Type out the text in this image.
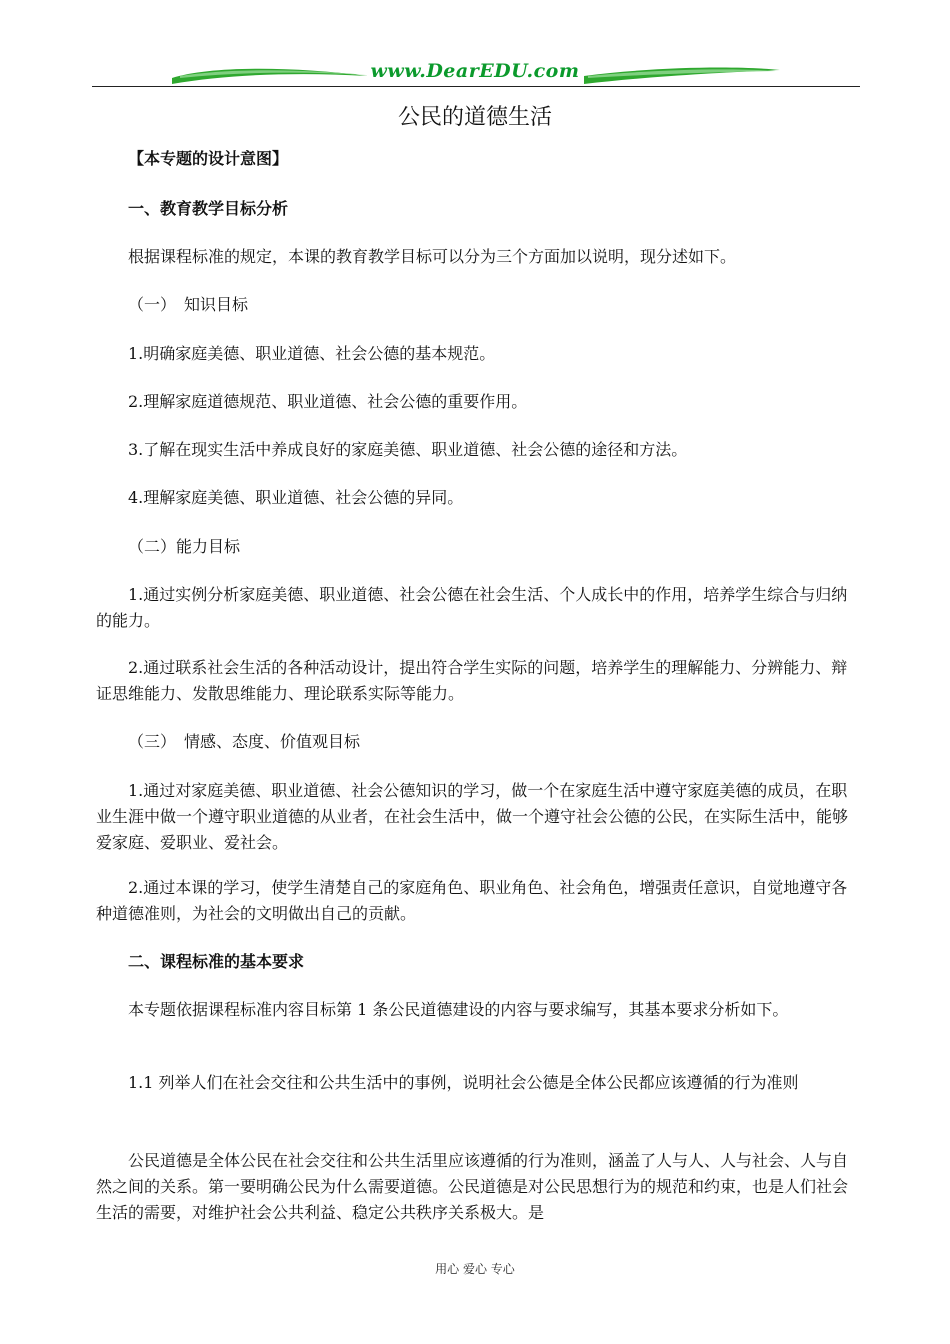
www.DearEDU.com
公民的道德生活

【本专题的设计意图】

一、教育教学目标分析

根据课程标准的规定，本课的教育教学目标可以分为三个方面加以说明，现分述如下。

（一）　知识目标

1.明确家庭美德、职业道德、社会公德的基本规范。

2.理解家庭道德规范、职业道德、社会公德的重要作用。

3.了解在现实生活中养成良好的家庭美德、职业道德、社会公德的途径和方法。

4.理解家庭美德、职业道德、社会公德的异同。

（二）能力目标

1.通过实例分析家庭美德、职业道德、社会公德在社会生活、个人成长中的作用，培养学生综合与归纳的能力。

2.通过联系社会生活的各种活动设计，提出符合学生实际的问题，培养学生的理解能力、分辨能力、辩证思维能力、发散思维能力、理论联系实际等能力。

（三）　情感、态度、价值观目标

1.通过对家庭美德、职业道德、社会公德知识的学习，做一个在家庭生活中遵守家庭美德的成员，在职业生涯中做一个遵守职业道德的从业者，在社会生活中，做一个遵守社会公德的公民，在实际生活中，能够爱家庭、爱职业、爱社会。

2.通过本课的学习，使学生清楚自己的家庭角色、职业角色、社会角色，增强责任意识，自觉地遵守各种道德准则，为社会的文明做出自己的贡献。

二、课程标准的基本要求

本专题依据课程标准内容目标第 1 条公民道德建设的内容与要求编写，其基本要求分析如下。

1.1 列举人们在社会交往和公共生活中的事例，说明社会公德是全体公民都应该遵循的行为准则

公民道德是全体公民在社会交往和公共生活里应该遵循的行为准则，涵盖了人与人、人与社会、人与自然之间的关系。第一要明确公民为什么需要道德。公民道德是对公民思想行为的规范和约束，也是人们社会生活的需要，对维护社会公共利益、稳定公共秩序关系极大。是

用心 爱心 专心
